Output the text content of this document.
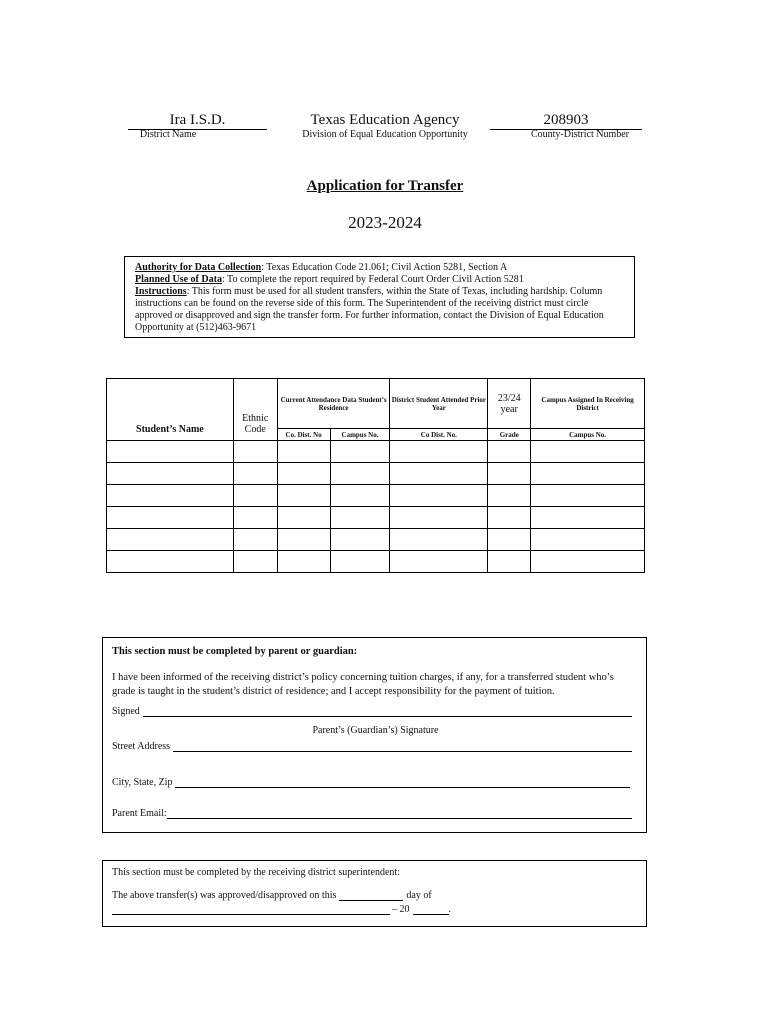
Ira I.S.D.
District Name
Texas Education Agency
Division of Equal Education Opportunity
208903
County-District Number
Application for Transfer
2023-2024
Authority for Data Collection: Texas Education Code 21.061; Civil Action 5281, Section A
Planned Use of Data: To complete the report required by Federal Court Order Civil Action 5281
Instructions: This form must be used for all student transfers, within the State of Texas, including hardship. Column instructions can be found on the reverse side of this form. The Superintendent of the receiving district must circle approved or disapproved and sign the transfer form. For further information, contact the Division of Equal Education Opportunity at (512)463-9671
Student’s Name	Ethnic Code	Current Attendance Data Student’s Residence		District Student Attended Prior Year	23/24 year	Campus Assigned In Receiving District
		Co. Dist. No	Campus No.	Co Dist. No.	Grade	Campus No.

This section must be completed by parent or guardian:
I have been informed of the receiving district’s policy concerning tuition charges, if any, for a transferred student who’s grade is taught in the student’s district of residence; and I accept responsibility for the payment of tuition.
Signed
Parent’s (Guardian’s) Signature
Street Address
City, State, Zip
Parent Email:
This section must be completed by the receiving district superintendent:
The above transfer(s) was approved/disapproved on this	day of
– 20	.
